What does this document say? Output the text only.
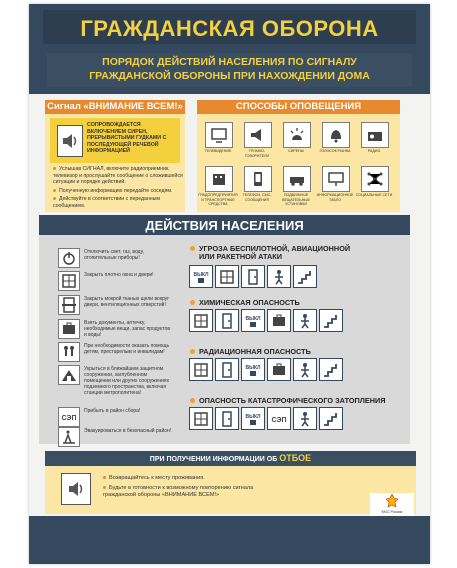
ГРАЖДАНСКАЯ ОБОРОНА
ПОРЯДОК ДЕЙСТВИЙ НАСЕЛЕНИЯ ПО СИГНАЛУ
ГРАЖДАНСКОЙ ОБОРОНЫ ПРИ НАХОЖДЕНИИ ДОМА
Сигнал «ВНИМАНИЕ ВСЕМ!»
СОПРОВОЖДАЕТСЯ ВКЛЮЧЕНИЕМ СИРЕН, ПРЕРЫВИСТЫМИ ГУДКАМИ С ПОСЛЕДУЮЩЕЙ РЕЧЕВОЙ ИНФОРМАЦИЕЙ
Услышав СИГНАЛ, включите радиоприемник, телевизор и прослушайте сообщение о сложившейся ситуации и порядке действий.
Полученную информацию передайте соседям.
Действуйте в соответствии с переданным сообщением.
СПОСОБЫ ОПОВЕЩЕНИЯ
ТЕЛЕВИДЕНИЕ	ГРОМКО-ГОВОРИТЕЛИ
СИРЕНЫ	ГОЛОСОК РЫНКА	РАДИО
ГРАДОПРЕДПРИЯТИЯ И ТРАНСПОРТНЫЕ СРЕДСТВА
ТЕЛЕФОН, СМС-СООБЩЕНИЯ
ПОДВИЖНЫЕ ВЕЩАТЕЛЬНЫЕ УСТАНОВКИ
ИНФОРМАЦИОННОЕ ТАБЛО
СОЦИАЛЬНЫЕ СЕТИ
ДЕЙСТВИЯ НАСЕЛЕНИЯ
Отключить свет, газ, воду, отопительные приборы!
Закрыть плотно окна и двери!
Закрыть мокрой тканью щели вокруг двери, вентиляционных отверстий!
Взять документы, аптечку, необходимые вещи, запас продуктов и воды!
При необходимости оказать помощь детям, престарелым и инвалидам!
Укрыться в ближайшем защитном сооружении, заглубленном помещении или других сооружениях подземного пространства, включая станции метрополитена!
СЭП
Прибыть в район сбора!
Эвакуироваться в безопасный район!
УГРОЗА БЕСПИЛОТНОЙ, АВИАЦИОННОЙ
ИЛИ РАКЕТНОЙ АТАКИ
ВЫКЛ
ХИМИЧЕСКАЯ ОПАСНОСТЬ
ВЫКЛ
РАДИАЦИОННАЯ ОПАСНОСТЬ
ВЫКЛ
ОПАСНОСТЬ КАТАСТРОФИЧЕСКОГО ЗАТОПЛЕНИЯ
ВЫКЛ СЭП
ПРИ ПОЛУЧЕНИИ ИНФОРМАЦИИ ОБ ОТБОЕ
Возвращайтесь к месту проживания.
Будьте в готовности к возможному повторению сигнала гражданской обороны «ВНИМАНИЕ ВСЕМ!»
МЧС России
